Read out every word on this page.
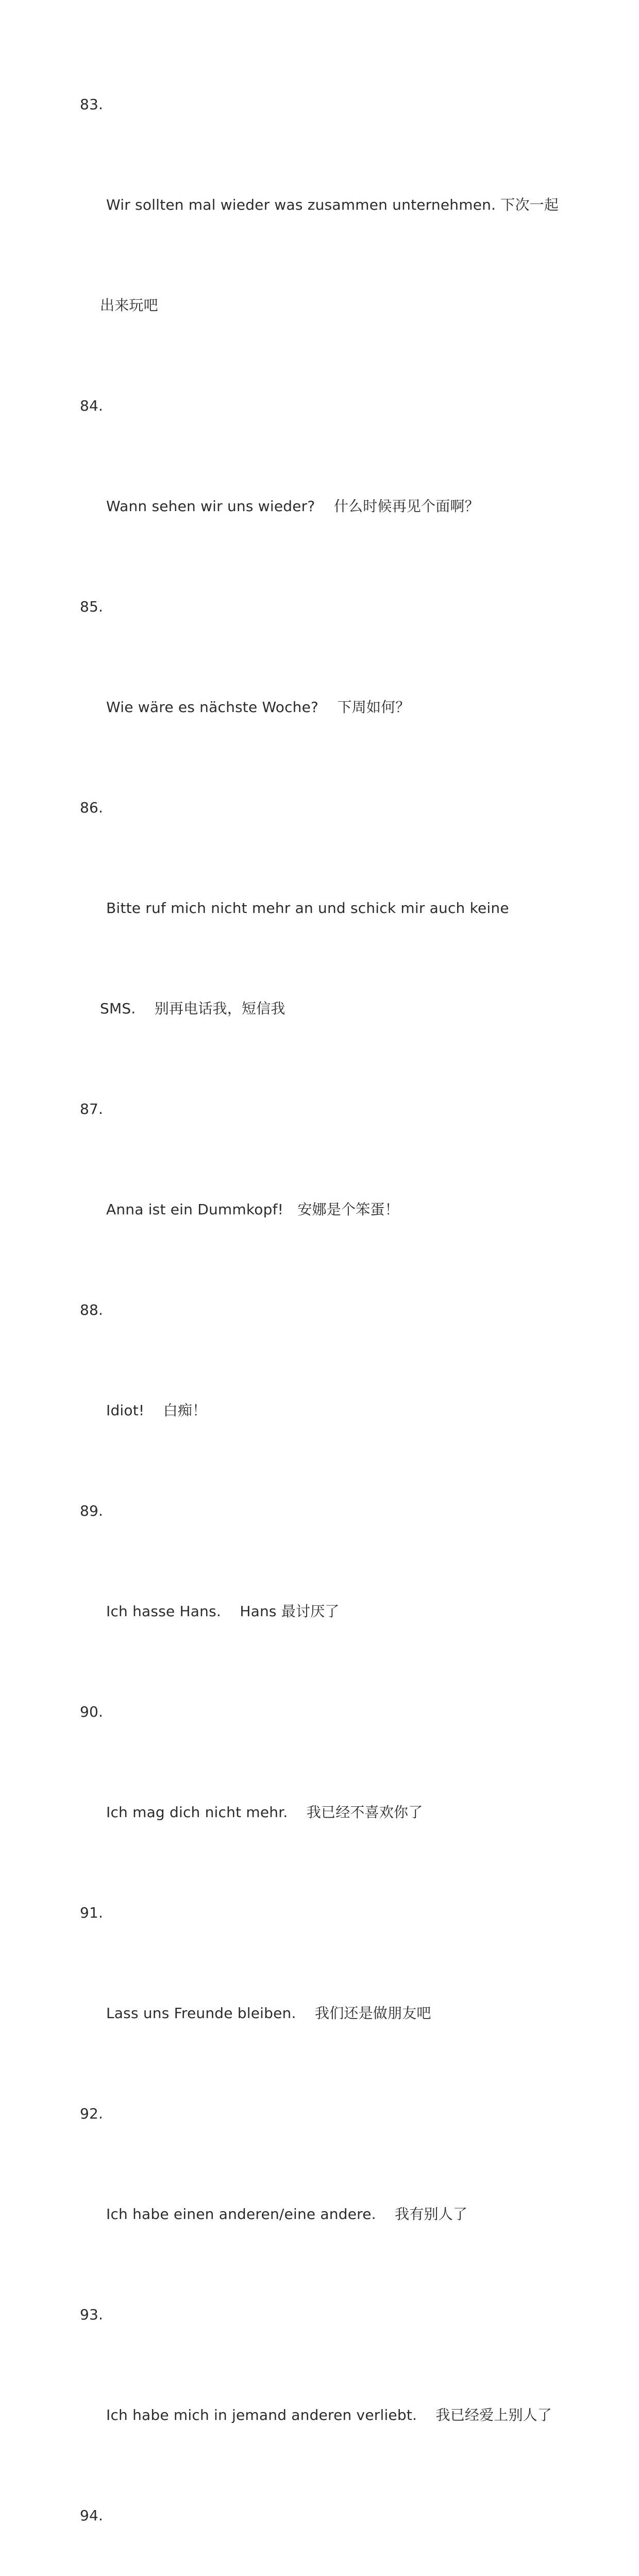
83.

Wir sollten mal wieder was zusammen unternehmen. 下次一起

出来玩吧

84.

Wann sehen wir uns wieder?    什么时候再见个面啊？

85.

Wie wäre es nächste Woche?    下周如何？

86.

Bitte ruf mich nicht mehr an und schick mir auch keine

SMS.    别再电话我，短信我

87.

Anna ist ein Dummkopf!   安娜是个笨蛋！

88.

Idiot!    白痴！

89.

Ich hasse Hans.    Hans 最讨厌了

90.

Ich mag dich nicht mehr.    我已经不喜欢你了

91.

Lass uns Freunde bleiben.    我们还是做朋友吧

92.

Ich habe einen anderen/eine andere.    我有别人了

93.

Ich habe mich in jemand anderen verliebt.    我已经爱上别人了

94.
